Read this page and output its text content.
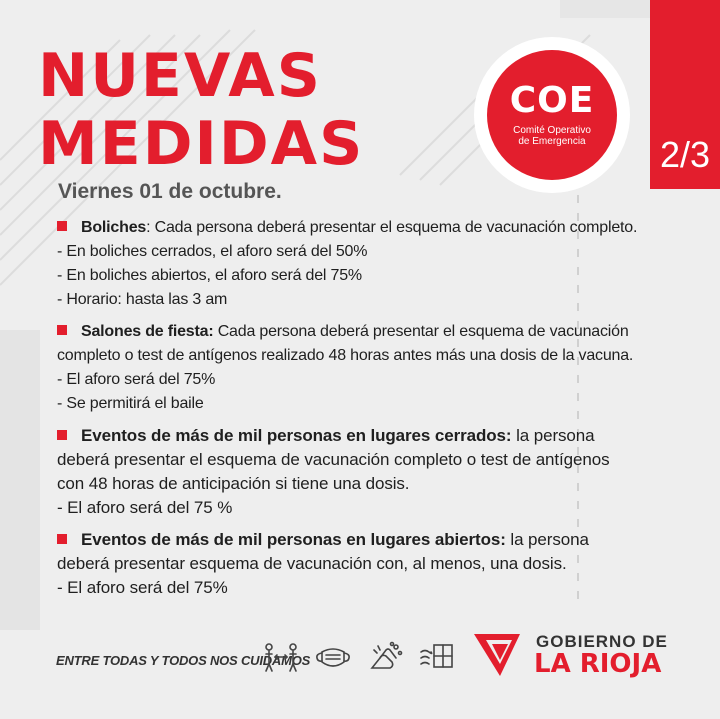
NUEVAS
MEDIDAS
COE
Comité Operativo
de Emergencia	2/3

Viernes 01 de octubre.

Boliches: Cada persona deberá presentar el esquema de vacunación completo.

- En boliches cerrados, el aforo será del 50%

- En boliches abiertos, el aforo será del 75%

- Horario: hasta las 3 am

Salones de fiesta: Cada persona deberá presentar el esquema de vacunación

completo o test de antígenos realizado 48 horas antes más una dosis de la vacuna.

- El aforo será del 75%

- Se permitirá el baile

Eventos de más de mil personas en lugares cerrados: la persona

deberá presentar el esquema de vacunación completo o test de antígenos

con 48 horas de anticipación si tiene una dosis.

- El aforo será del 75 %

Eventos de más de mil personas en lugares abiertos: la persona

deberá presentar esquema de vacunación con, al menos, una dosis.

- El aforo será del 75%

ENTRE TODAS Y TODOS NOS CUIDAMOS

GOBIERNO DE

LA RIOJA
